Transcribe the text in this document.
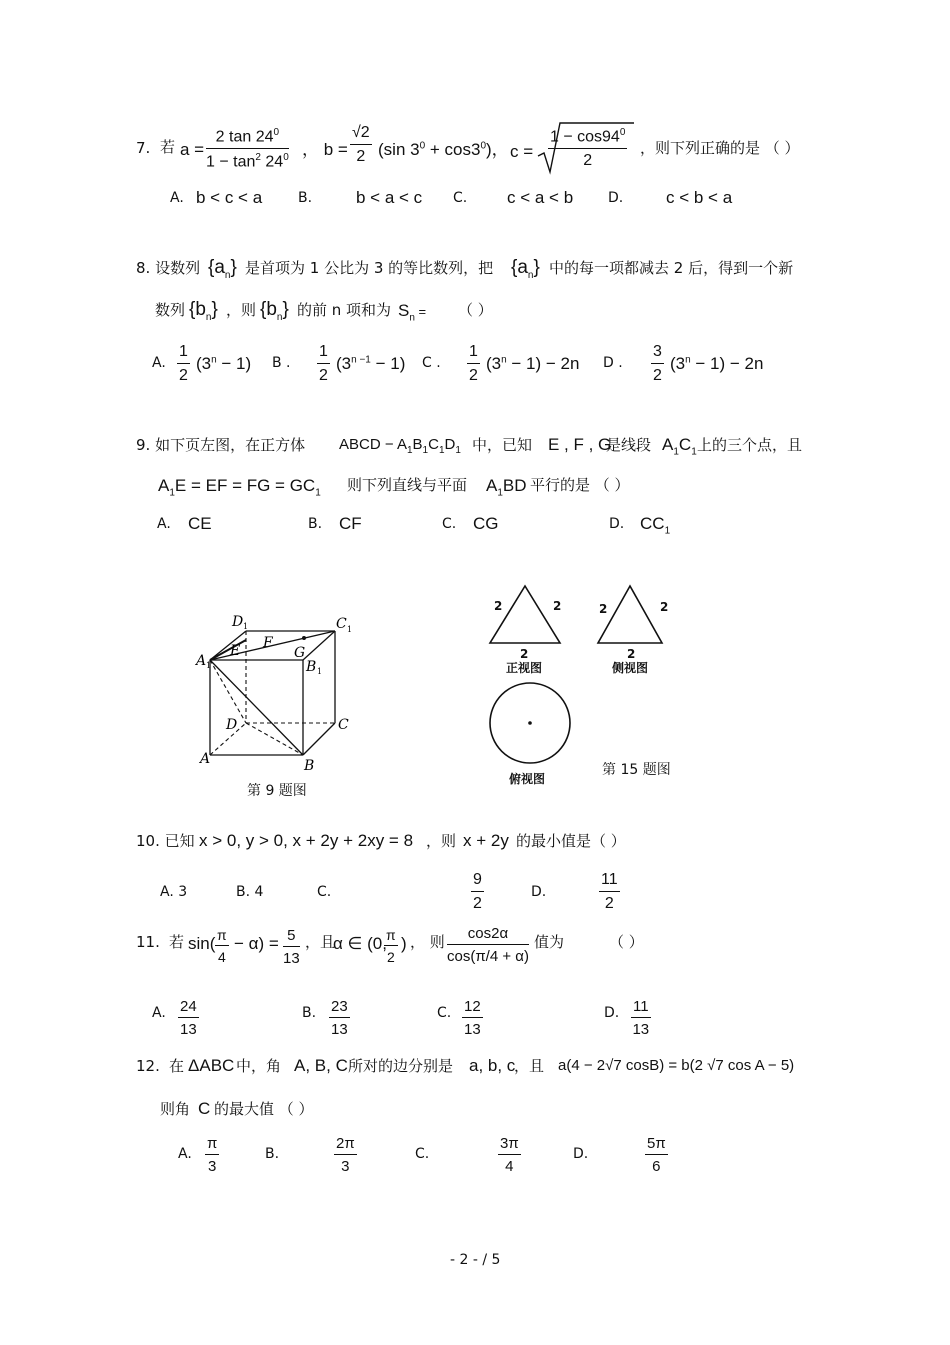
7. 若 $a = \frac{2 \tan 24^0}{1 - \tan^2 24^0}$ ， $b = \frac{√2}{2} (\sin$ $3^0 + \cos 3^0$)， $c = \frac{1 - \cos 94^0}{2}$ ，则下列正确的是 （ ）
A. b < c < a	B.	b < a < c C. c < a < b D.	c < b < a
8. 设数列 $\{a_n\}$ 是首项为 1 公比为 3 的等比数列，把 $\{a_n\}$ 中的每一项都减去 2 后，得到一个新
数列 $\{b_n\}$ ，则 $\{b_n\}$ 的前 n 项和为 $S_n$ = （ ）
A. $\frac{1}{2} (3^n - 1)$ B . $\frac{1}{2} (3^{n -1} - 1)$ C . $\frac{1}{2} (3^n - 1) - 2n$ D . $\frac{3}{2} (3^n - 1) - 2n$
9. 如下页左图，在正方体 ABCD − $A_1B_1C_1D_1$ 中，已知 E , F , G
是线段 $A_1C_1$ 上的三个点，且
$A_1E$ = EF = FG = $GC_1$ 则下列直线与平面 $A_1BD$ 平行的是 （ ）
A. CE	B. CF	C. CG	D. $CC_1$
D 1	C 1
A 1
E F
G
B 1
D	C
A	B
第 9 题图
2	2
2
正视图
2	2
2
侧视图
俯视图
第 15 题图
10. 已知 x > 0, y > 0, x + 2y + 2xy = 8 ，则 x + 2y 的最小值是（ ）
A. 3	B. 4	C.	$\frac{9}{2}$	D.	$\frac{11}{2}$
11. 若 $\sin( \frac{\pi}{4} - \alpha) = \frac{5}{13}$ ，且
α ∈ (0,
$\frac{\pi}{2}$ ) ， 则 $\frac{\cos 2\alpha}{\cos(\pi/4 + \alpha)}$ 值为	（ ）
A. $\frac{24}{13}$	B. $\frac{23}{13}$	C. $\frac{12}{13}$	D. $\frac{11}{13}$
12. 在 ΔABC 中，角 A, B, C 所对的边分别是 a, b, c
，且 a(4 − 2√7 cosB) = b(2 √7 cos A − 5)
则角 C 的最大值 （ ）
A. $\frac{\pi}{3}$	B.	$\frac{2\pi}{3}$	C.	$\frac{3\pi}{4}$	D.	$\frac{5\pi}{6}$
- 2 - / 5
